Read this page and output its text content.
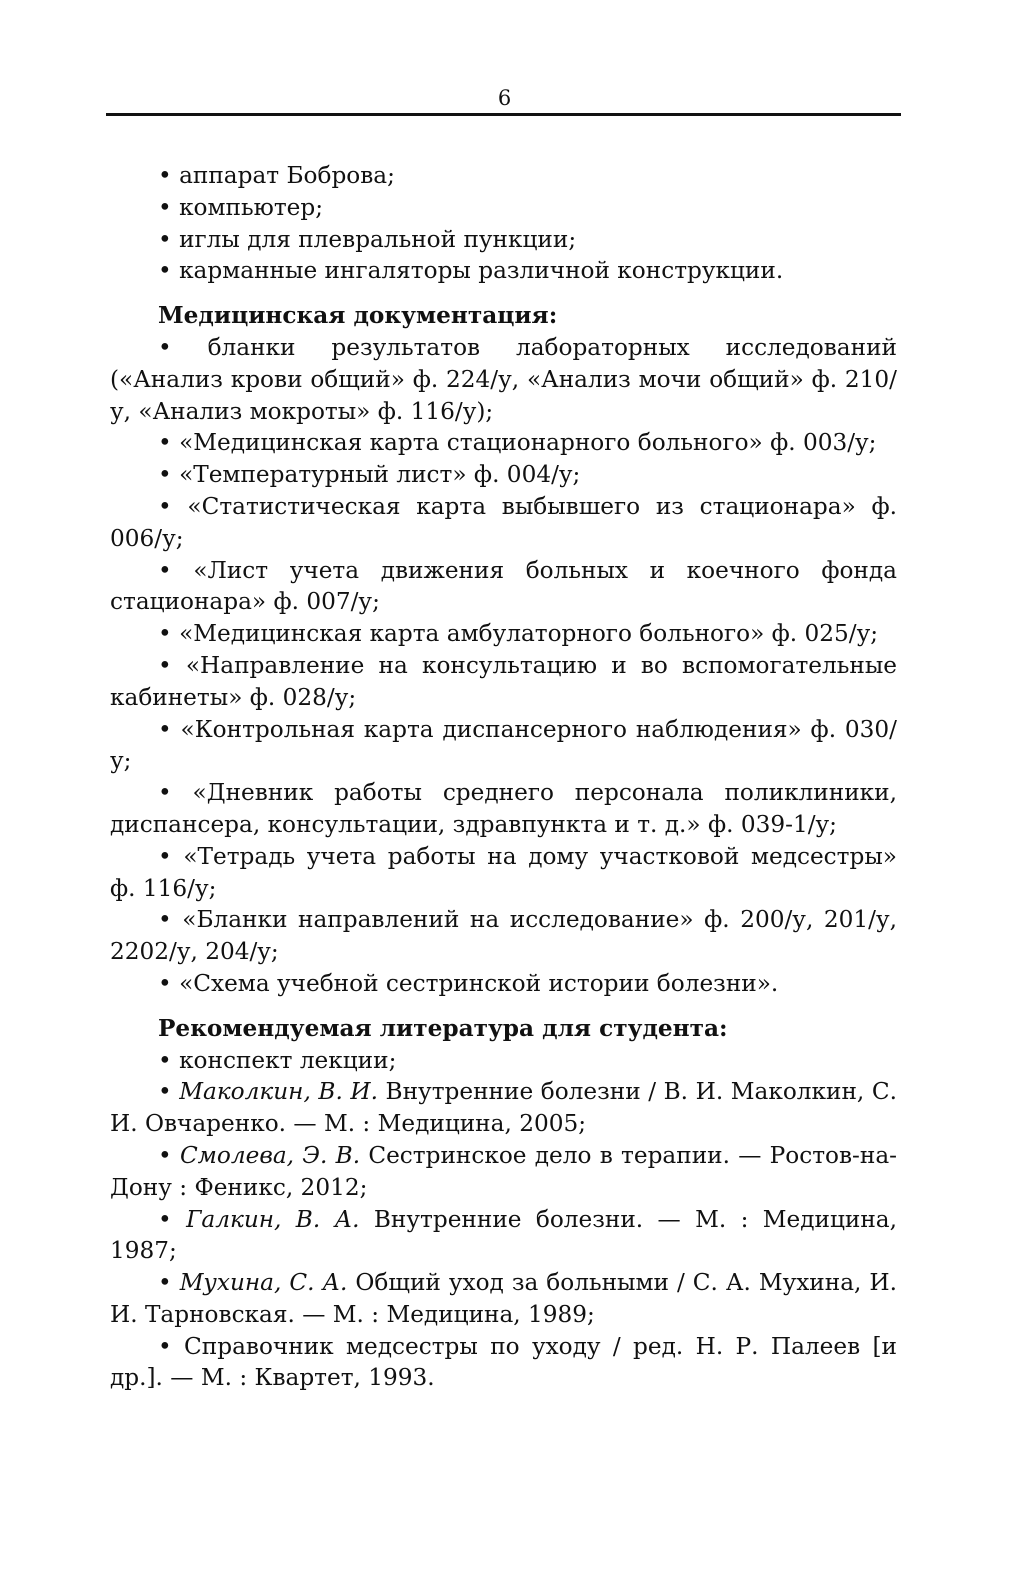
6

• аппарат Боброва;

• компьютер;

• иглы для плевральной пункции;

• карманные ингаляторы различной конструкции.

Медицинская документация:

• бланки результатов лабораторных исследований («Анализ крови общий» ф. 224/у, «Анализ мочи общий» ф. 210/у, «Анализ мокроты» ф. 116/у);

• «Медицинская карта стационарного больного» ф. 003/у;

• «Температурный лист» ф. 004/у;

• «Статистическая карта выбывшего из стационара» ф. 006/у;

• «Лист учета движения больных и коечного фонда стационара» ф. 007/у;

• «Медицинская карта амбулаторного больного» ф. 025/у;

• «Направление на консультацию и во вспомогательные кабинеты» ф. 028/у;

• «Контрольная карта диспансерного наблюдения» ф. 030/у;

• «Дневник работы среднего персонала поликлиники, диспансера, консультации, здравпункта и т. д.» ф. 039-1/у;

• «Тетрадь учета работы на дому участковой медсестры» ф. 116/у;

• «Бланки направлений на исследование» ф. 200/у, 201/у, 2202/у, 204/у;

• «Схема учебной сестринской истории болезни».

Рекомендуемая литература для студента:

• конспект лекции;

• Маколкин, В. И. Внутренние болезни / В. И. Маколкин, С. И. Овчаренко. — М. : Медицина, 2005;

• Смолева, Э. В. Сестринское дело в терапии. — Ростов-на-Дону : Феникс, 2012;

• Галкин, В. А. Внутренние болезни. — М. : Медицина, 1987;

• Мухина, С. А. Общий уход за больными / С. А. Мухина, И. И. Тарновская. — М. : Медицина, 1989;

• Справочник медсестры по уходу / ред. Н. Р. Палеев [и др.]. — М. : Квартет, 1993.
